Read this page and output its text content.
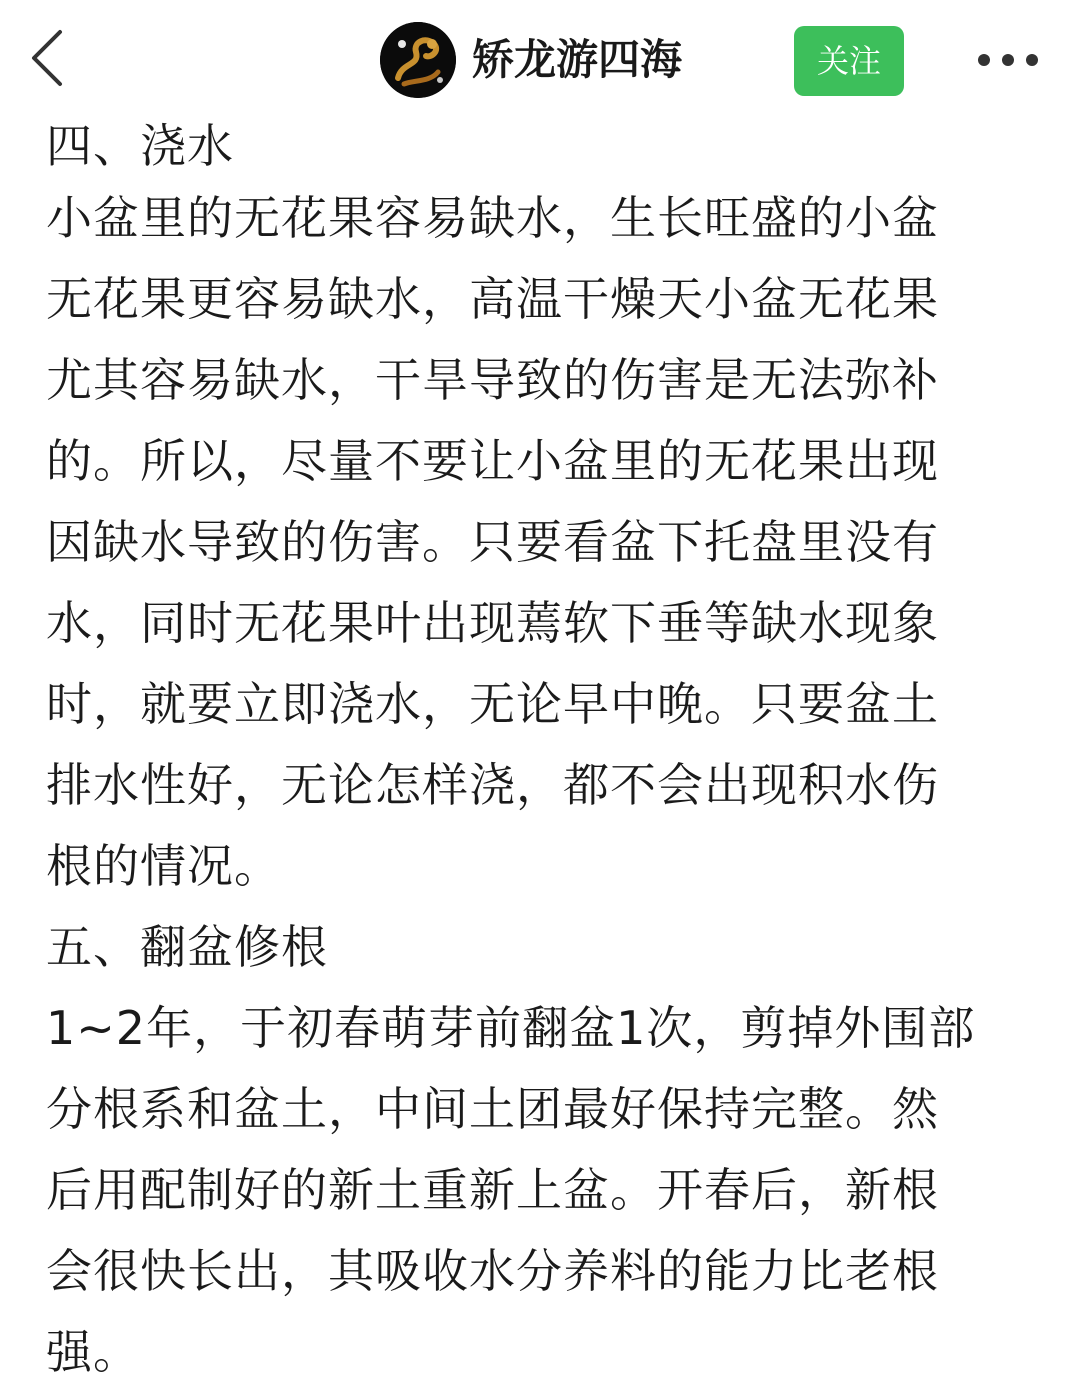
矫龙游四海	关注
四、浇水
小盆里的无花果容易缺水，生长旺盛的小盆
无花果更容易缺水，高温干燥天小盆无花果
尤其容易缺水，干旱导致的伤害是无法弥补
的。所以，尽量不要让小盆里的无花果出现
因缺水导致的伤害。只要看盆下托盘里没有
水，同时无花果叶出现蔫软下垂等缺水现象
时，就要立即浇水，无论早中晚。只要盆土
排水性好，无论怎样浇，都不会出现积水伤
根的情况。
五、翻盆修根
1~2年，于初春萌芽前翻盆1次，剪掉外围部
分根系和盆土，中间土团最好保持完整。然
后用配制好的新土重新上盆。开春后，新根
会很快长出，其吸收水分养料的能力比老根
强。
